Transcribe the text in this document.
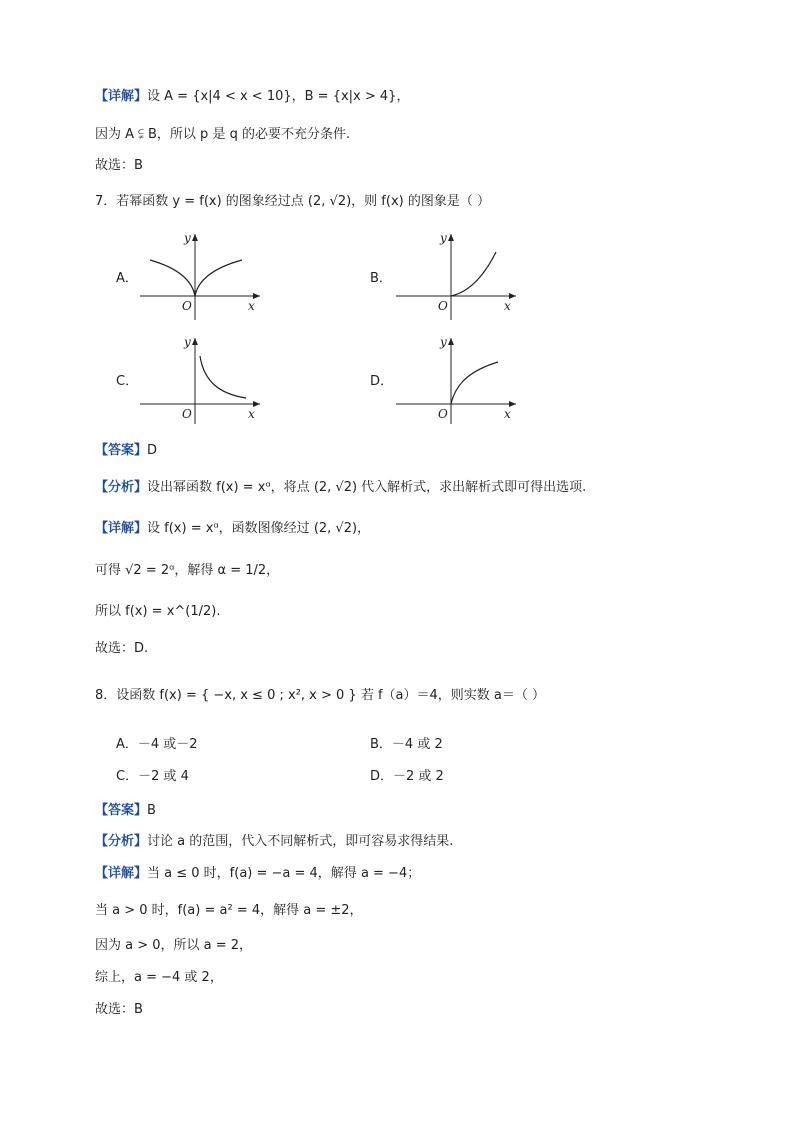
【详解】设 A = {x|4 < x < 10}，B = {x|x > 4}，
因为 A ⫋ B，所以 p 是 q 的必要不充分条件.
故选：B
7．若幂函数 y = f(x) 的图象经过点 (2, √2)，则 f(x) 的图象是（ ）
A．	B．
C．	D．
x
y
O	x
y
O
x
y
O	x
y
O
【答案】D
【分析】设出幂函数 f(x) = xᵅ，将点 (2, √2) 代入解析式，求出解析式即可得出选项.
【详解】设 f(x) = xᵅ，函数图像经过 (2, √2)，
可得 √2 = 2ᵅ，解得 α = 1/2，
所以 f(x) = x^(1/2).
故选：D.
8．设函数 f(x) = { −x, x ≤ 0 ; x², x > 0 } 若 f（a）＝4，则实数 a＝（ ）
A．－4 或－2	B．－4 或 2
C．－2 或 4	D．－2 或 2
【答案】B
【分析】讨论 a 的范围，代入不同解析式，即可容易求得结果.
【详解】当 a ≤ 0 时，f(a) = −a = 4，解得 a = −4；
当 a > 0 时，f(a) = a² = 4，解得 a = ±2，
因为 a > 0，所以 a = 2，
综上，a = −4 或 2，
故选：B
